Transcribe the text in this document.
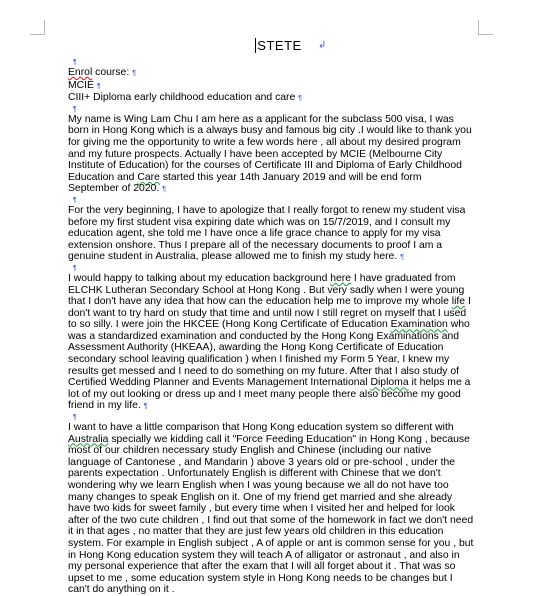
STETE	↲
¶

Enrol course: ¶

MCIE ¶

CIII+ Diploma early childhood education and care ¶

¶

My name is Wing Lam Chu I am here as a applicant for the subclass 500 visa, I was born in Hong Kong which is a always busy and famous big city .I would like to thank you for giving me the opportunity to write a few words here , all about my desired program and my future prospects. Actually I have been accepted by MCIE (Melbourne City Institute of Education) for the courses of Certificate III and Diploma of Early Childhood Education and Care started this year 14th January 2019 and will be end form September of 2020. ¶

¶

For the very beginning, I have to apologize that I really forgot to renew my student visa before my first student visa expiring date which was on 15/7/2019, and I consult my education agent, she told me I have once a life grace chance to apply for my visa extension onshore. Thus I prepare all of the necessary documents to proof I am a genuine student in Australia, please allowed me to finish my study here. ¶

¶

I would happy to talking about my education background here I have graduated from ELCHK Lutheran Secondary School at Hong Kong . But very sadly when I were young that I don't have any idea that how can the education help me to improve my whole life I don't want to try hard on study that time and until now I still regret on myself that I used to so silly. I were join the HKCEE (Hong Kong Certificate of Education Examination who was a standardized examination and conducted by the Hong Kong Examinations and Assessment Authority (HKEAA), awarding the Hong Kong Certificate of Education secondary school leaving qualification ) when I finished my Form 5 Year, I knew my results get messed and I need to do something on my future. After that I also study of Certified Wedding Planner and Events Management International Diploma it helps me a lot of my out looking or dress up and I meet many people there also become my good friend in my life. ¶

¶

I want to have a little comparison that Hong Kong education system so different with Australia specially we kidding call it "Force Feeding Education" in Hong Kong , because most of our children necessary study English and Chinese (including our native language of Cantonese , and Mandarin ) above 3 years old or pre-school , under the parents expectation . Unfortunately English is different with Chinese that we don't wondering why we learn English when I was young because we all do not have too many changes to speak English on it. One of my friend get married and she already have two kids for sweet family , but every time when I visited her and helped for look after of the two cute children , I find out that some of the homework in fact we don't need it in that ages , no matter that they are just few years old children in this education system. For example in English subject , A of apple or ant is common sense for you , but in Hong Kong education system they will teach A of alligator or astronaut , and also in my personal experience that after the exam that I will all forget about it . That was so upset to me , some education system style in Hong Kong needs to be changes but I can't do anything on it .
